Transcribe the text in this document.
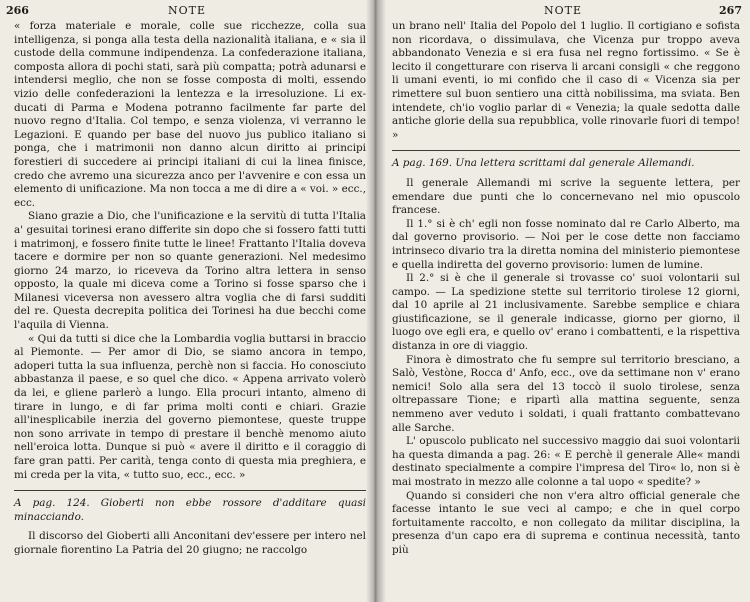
266	NOTE

« forza materiale e morale, colle sue ricchezze, colla sua intelligenza, si ponga alla testa della nazionalità italiana, e « sia il custode della commune indipendenza. La confederazione italiana, composta allora di pochi stati, sarà più compatta; potrà adunarsi e intendersi meglio, che non se fosse composta di molti, essendo vizio delle confederazioni la lentezza e la irresoluzione. Li ex-ducati di Parma e Modena potranno facilmente far parte del nuovo regno d'Italia. Col tempo, e senza violenza, vi verranno le Legazioni. E quando per base del nuovo jus publico italiano si ponga, che i matrimonii non danno alcun diritto ai principi forestieri di succedere ai principi italiani di cui la linea finisce, credo che avremo una sicurezza anco per l'avvenire e con essa un elemento di unificazione. Ma non tocca a me di dire a « voi. » ecc., ecc.

Siano grazie a Dio, che l'unificazione e la servitù di tutta l'Italia a' gesuitai torinesi erano differite sin dopo che si fossero fatti tutti i matrimonj, e fossero finite tutte le linee! Frattanto l'Italia doveva tacere e dormire per non so quante generazioni. Nel medesimo giorno 24 marzo, io riceveva da Torino altra lettera in senso opposto, la quale mi diceva come a Torino si fosse sparso che i Milanesi viceversa non avessero altra voglia che di farsi sudditi del re. Questa decrepita politica dei Torinesi ha due becchi come l'aquila di Vienna.

« Qui da tutti si dice che la Lombardia voglia buttarsi in braccio al Piemonte. — Per amor di Dio, se siamo ancora in tempo, adoperi tutta la sua influenza, perchè non si faccia. Ho conosciuto abbastanza il paese, e so quel che dico. « Appena arrivato volerò da lei, e gliene parlerò a lungo. Ella procuri intanto, almeno di tirare in lungo, e di far prima molti conti e chiari. Grazie all'inesplicabile inerzia del governo piemontese, queste truppe non sono arrivate in tempo di prestare il benchè menomo aiuto nell'eroica lotta. Dunque si può « avere il diritto e il coraggio di fare gran patti. Per carità, tenga conto di questa mia preghiera, e mi creda per la vita, « tutto suo, ecc., ecc. »

A pag. 124. Gioberti non ebbe rossore d'additare quasi minacciando.

Il discorso del Gioberti alli Anconitani dev'essere per intero nel giornale fiorentino La Patria del 20 giugno; ne raccolgo

NOTE	267

un brano nell' Italia del Popolo del 1 luglio. Il cortigiano e sofista non ricordava, o dissimulava, che Vicenza pur troppo aveva abbandonato Venezia e si era fusa nel regno fortissimo. « Se è lecito il congetturare con riserva li arcani consigli « che reggono li umani eventi, io mi confido che il caso di « Vicenza sia per rimettere sul buon sentiero una città nobilissima, ma sviata. Ben intendete, ch'io voglio parlar di « Venezia; la quale sedotta dalle antiche glorie della sua repubblica, volle rinovarle fuori di tempo! »

A pag. 169. Una lettera scrittami dal generale Allemandi.

Il generale Allemandi mi scrive la seguente lettera, per emendare due punti che lo concernevano nel mio opuscolo francese.

Il 1.° si è ch' egli non fosse nominato dal re Carlo Alberto, ma dal governo provisorio. — Noi per le cose dette non facciamo intrinseco divario tra la diretta nomina del ministerio piemontese e quella indiretta del governo provisorio: lumen de lumine.

Il 2.° si è che il generale si trovasse co' suoi volontarii sul campo. — La spedizione stette sul territorio tirolese 12 giorni, dal 10 aprile al 21 inclusivamente. Sarebbe semplice e chiara giustificazione, se il generale indicasse, giorno per giorno, il luogo ove egli era, e quello ov' erano i combattenti, e la rispettiva distanza in ore di viaggio.

Finora è dimostrato che fu sempre sul territorio bresciano, a Salò, Vestòne, Rocca d' Anfo, ecc., ove da settimane non v' erano nemici! Solo alla sera del 13 toccò il suolo tirolese, senza oltrepassare Tione; e ripartì alla mattina seguente, senza nemmeno aver veduto i soldati, i quali frattanto combattevano alle Sarche.

L' opuscolo publicato nel successivo maggio dai suoi volontarii ha questa dimanda a pag. 26: « E perchè il generale Alle« mandi destinato specialmente a compire l'impresa del Tiro« lo, non si è mai mostrato in mezzo alle colonne a tal uopo « spedite? »

Quando si consideri che non v'era altro official generale che facesse intanto le sue veci al campo; e che in quel corpo fortuitamente raccolto, e non collegato da militar disciplina, la presenza d'un capo era di suprema e continua necessità, tanto più
